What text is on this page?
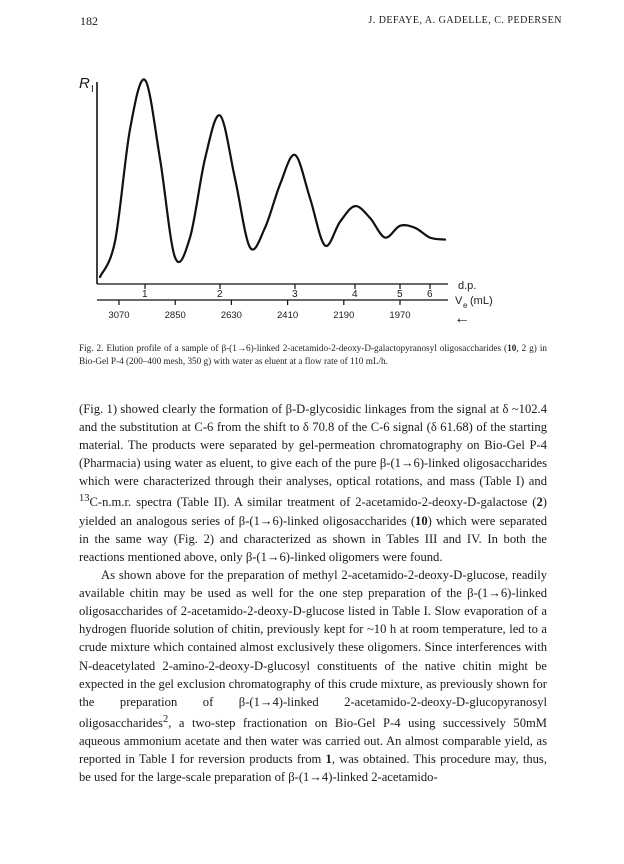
182	J. DEFAYE, A. GADELLE, C. PEDERSEN
R I
1	2	3	4	5 6
d.p.
3070	2850	2630	2410	2190	1970
V e (mL)
←
Fig. 2. Elution profile of a sample of β-(1→6)-linked 2-acetamido-2-deoxy-D-galactopyranosyl oligosaccharides (10, 2 g) in Bio-Gel P-4 (200–400 mesh, 350 g) with water as eluent at a flow rate of 110 mL/h.

(Fig. 1) showed clearly the formation of β-D-glycosidic linkages from the signal at δ ~102.4 and the substitution at C-6 from the shift to δ 70.8 of the C-6 signal (δ 61.68) of the starting material. The products were separated by gel-permeation chromatography on Bio-Gel P-4 (Pharmacia) using water as eluent, to give each of the pure β-(1→6)-linked oligosaccharides which were characterized through their analyses, optical rotations, and mass (Table I) and $^{13}$C-n.m.r. spectra (Table II). A similar treatment of 2-acetamido-2-deoxy-D-galactose (2) yielded an analogous series of β-(1→6)-linked oligosaccharides (10) which were separated in the same way (Fig. 2) and characterized as shown in Tables III and IV. In both the reactions mentioned above, only β-(1→6)-linked oligomers were found.

As shown above for the preparation of methyl 2-acetamido-2-deoxy-D-glucose, readily available chitin may be used as well for the one step preparation of the β-(1→6)-linked oligosaccharides of 2-acetamido-2-deoxy-D-glucose listed in Table I. Slow evaporation of a hydrogen fluoride solution of chitin, previously kept for ~10 h at room temperature, led to a crude mixture which contained almost exclusively these oligomers. Since interferences with N-deacetylated 2-amino-2-deoxy-D-glucosyl constituents of the native chitin might be expected in the gel exclusion chromatography of this crude mixture, as previously shown for the preparation of β-(1→4)-linked 2-acetamido-2-deoxy-D-glucopyranosyl oligosaccharides$^2$, a two-step fractionation on Bio-Gel P-4 using successively 50mM aqueous ammonium acetate and then water was carried out. An almost comparable yield, as reported in Table I for reversion products from 1, was obtained. This procedure may, thus, be used for the large-scale preparation of β-(1→4)-linked 2-acetamido-
